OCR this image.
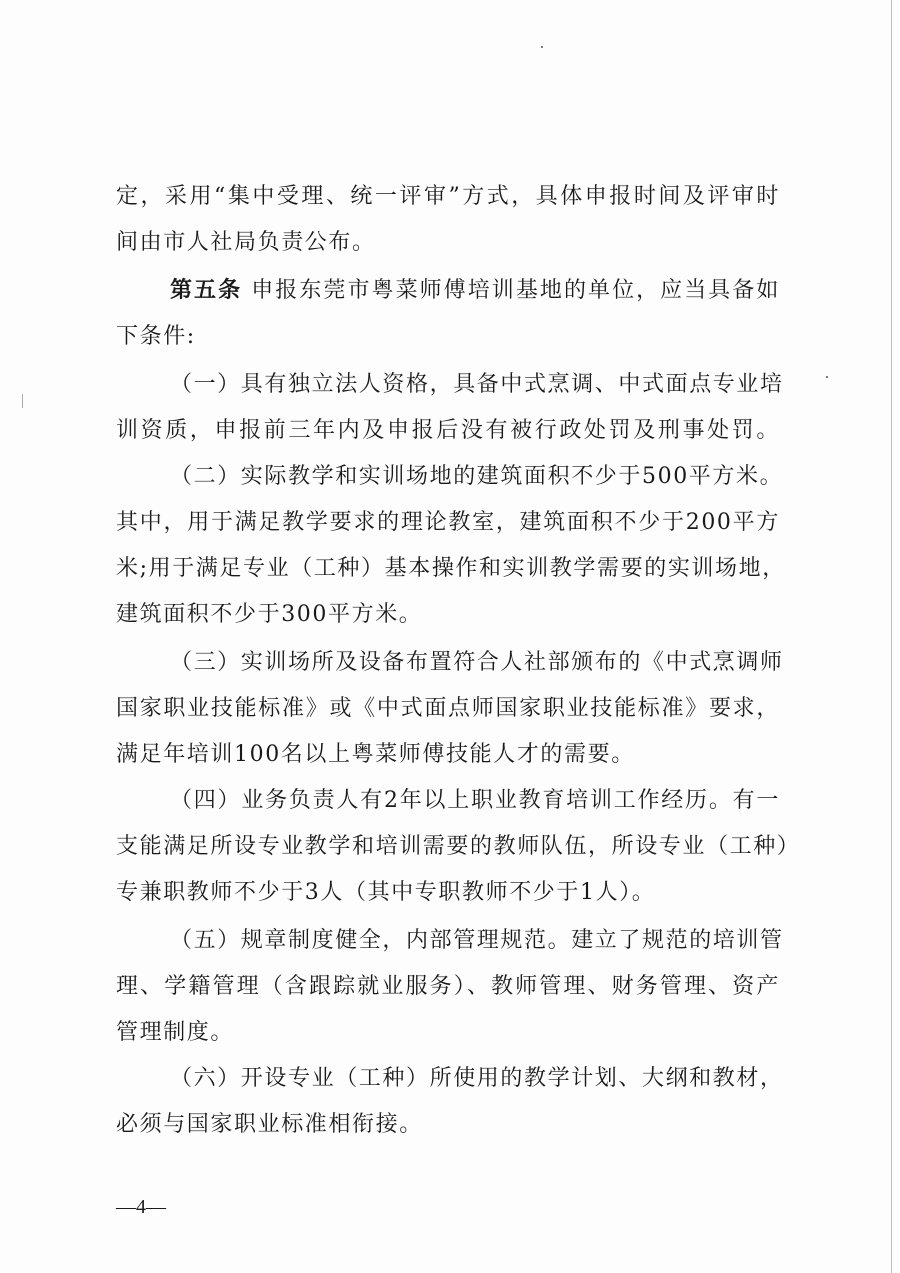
定，采用“集中受理、统一评审”方式，具体申报时间及评审时
间由市人社局负责公布。
第五条 申报东莞市粤菜师傅培训基地的单位，应当具备如
下条件:
（一）具有独立法人资格，具备中式烹调、中式面点专业培
训资质，申报前三年内及申报后没有被行政处罚及刑事处罚。
（二）实际教学和实训场地的建筑面积不少于500平方米。
其中，用于满足教学要求的理论教室，建筑面积不少于200平方
米;用于满足专业（工种）基本操作和实训教学需要的实训场地，
建筑面积不少于300平方米。
（三）实训场所及设备布置符合人社部颁布的《中式烹调师
国家职业技能标准》或《中式面点师国家职业技能标准》要求，
满足年培训100名以上粤菜师傅技能人才的需要。
（四）业务负责人有2年以上职业教育培训工作经历。有一
支能满足所设专业教学和培训需要的教师队伍，所设专业（工种）
专兼职教师不少于3人（其中专职教师不少于1人）。
（五）规章制度健全，内部管理规范。建立了规范的培训管
理、学籍管理（含跟踪就业服务）、教师管理、财务管理、资产
管理制度。
（六）开设专业（工种）所使用的教学计划、大纲和教材，
必须与国家职业标准相衔接。
—4—
